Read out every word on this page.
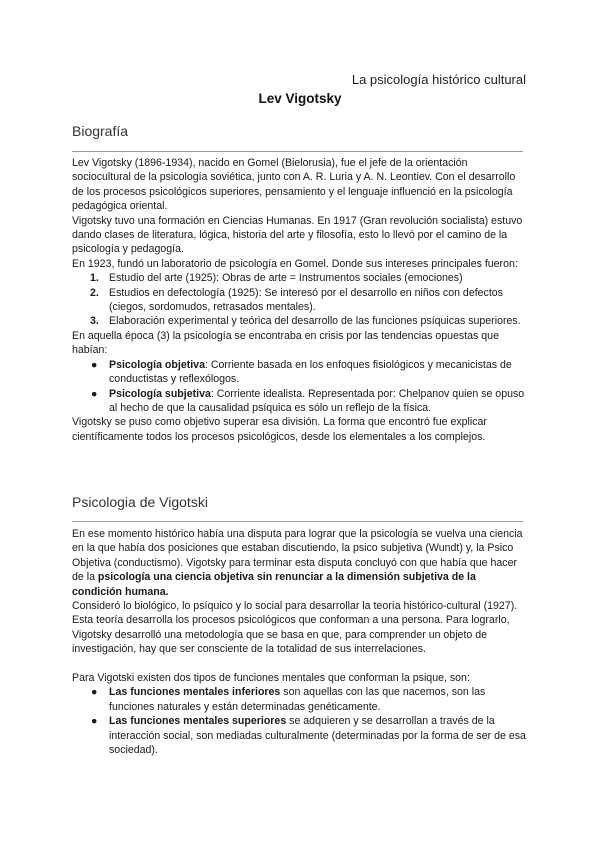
La psicología histórico cultural
Lev Vigotsky
Biografía

Lev Vigotsky (1896-1934), nacido en Gomel (Bielorusia), fue el jefe de la orientación sociocultural de la psicología soviética, junto con A. R. Luria y A. N. Leontiev. Con el desarrollo de los procesos psicológicos superiores, pensamiento y el lenguaje influenció en la psicología pedagógica oriental.

Vigotsky tuvo una formación en Ciencias Humanas. En 1917 (Gran revolución socialista) estuvo dando clases de literatura, lógica, historia del arte y filosofía, esto lo llevó por el camino de la psicología y pedagogía.

En 1923, fundó un laboratorio de psicología en Gomel. Donde sus intereses principales fueron:

1. Estudio del arte (1925): Obras de arte = Instrumentos sociales (emociones)
2. Estudios en defectología (1925): Se interesó por el desarrollo en niños con defectos (ciegos, sordomudos, retrasados mentales).
3. Elaboración experimental y teórica del desarrollo de las funciones psíquicas superiores.

En aquella época (3) la psicología se encontraba en crisis por las tendencias opuestas que habían:

● Psicología objetiva: Corriente basada en los enfoques fisiológicos y mecanicistas de conductistas y reflexólogos.
● Psicología subjetiva: Corriente idealista. Representada por: Chelpanov quien se opuso al hecho de que la causalidad psíquica es sólo un reflejo de la física.

Vigotsky se puso como objetivo superar esa división. La forma que encontró fue explicar científicamente todos los procesos psicológicos, desde los elementales a los complejos.

Psicologia de Vigotski

En ese momento histórico había una disputa para lograr que la psicología se vuelva una ciencia en la que había dos posiciones que estaban discutiendo, la psico subjetiva (Wundt) y, la Psico Objetiva (conductismo). Vigotsky para terminar esta disputa concluyó con que había que hacer de la psicología una ciencia objetiva sin renunciar a la dimensión subjetiva de la condición humana.

Consideró lo biológico, lo psíquico y lo social para desarrollar la teoría histórico-cultural (1927). Esta teoría desarrolla los procesos psicológicos que conforman a una persona. Para lograrlo, Vigotsky desarrolló una metodología que se basa en que, para comprender un objeto de investigación, hay que ser consciente de la totalidad de sus interrelaciones.

Para Vigotski existen dos tipos de funciones mentales que conforman la psique, son:

● Las funciones mentales inferiores son aquellas con las que nacemos, son las funciones naturales y están determinadas genéticamente.
● Las funciones mentales superiores se adquieren y se desarrollan a través de la interacción social, son mediadas culturalmente (determinadas por la forma de ser de esa sociedad).
